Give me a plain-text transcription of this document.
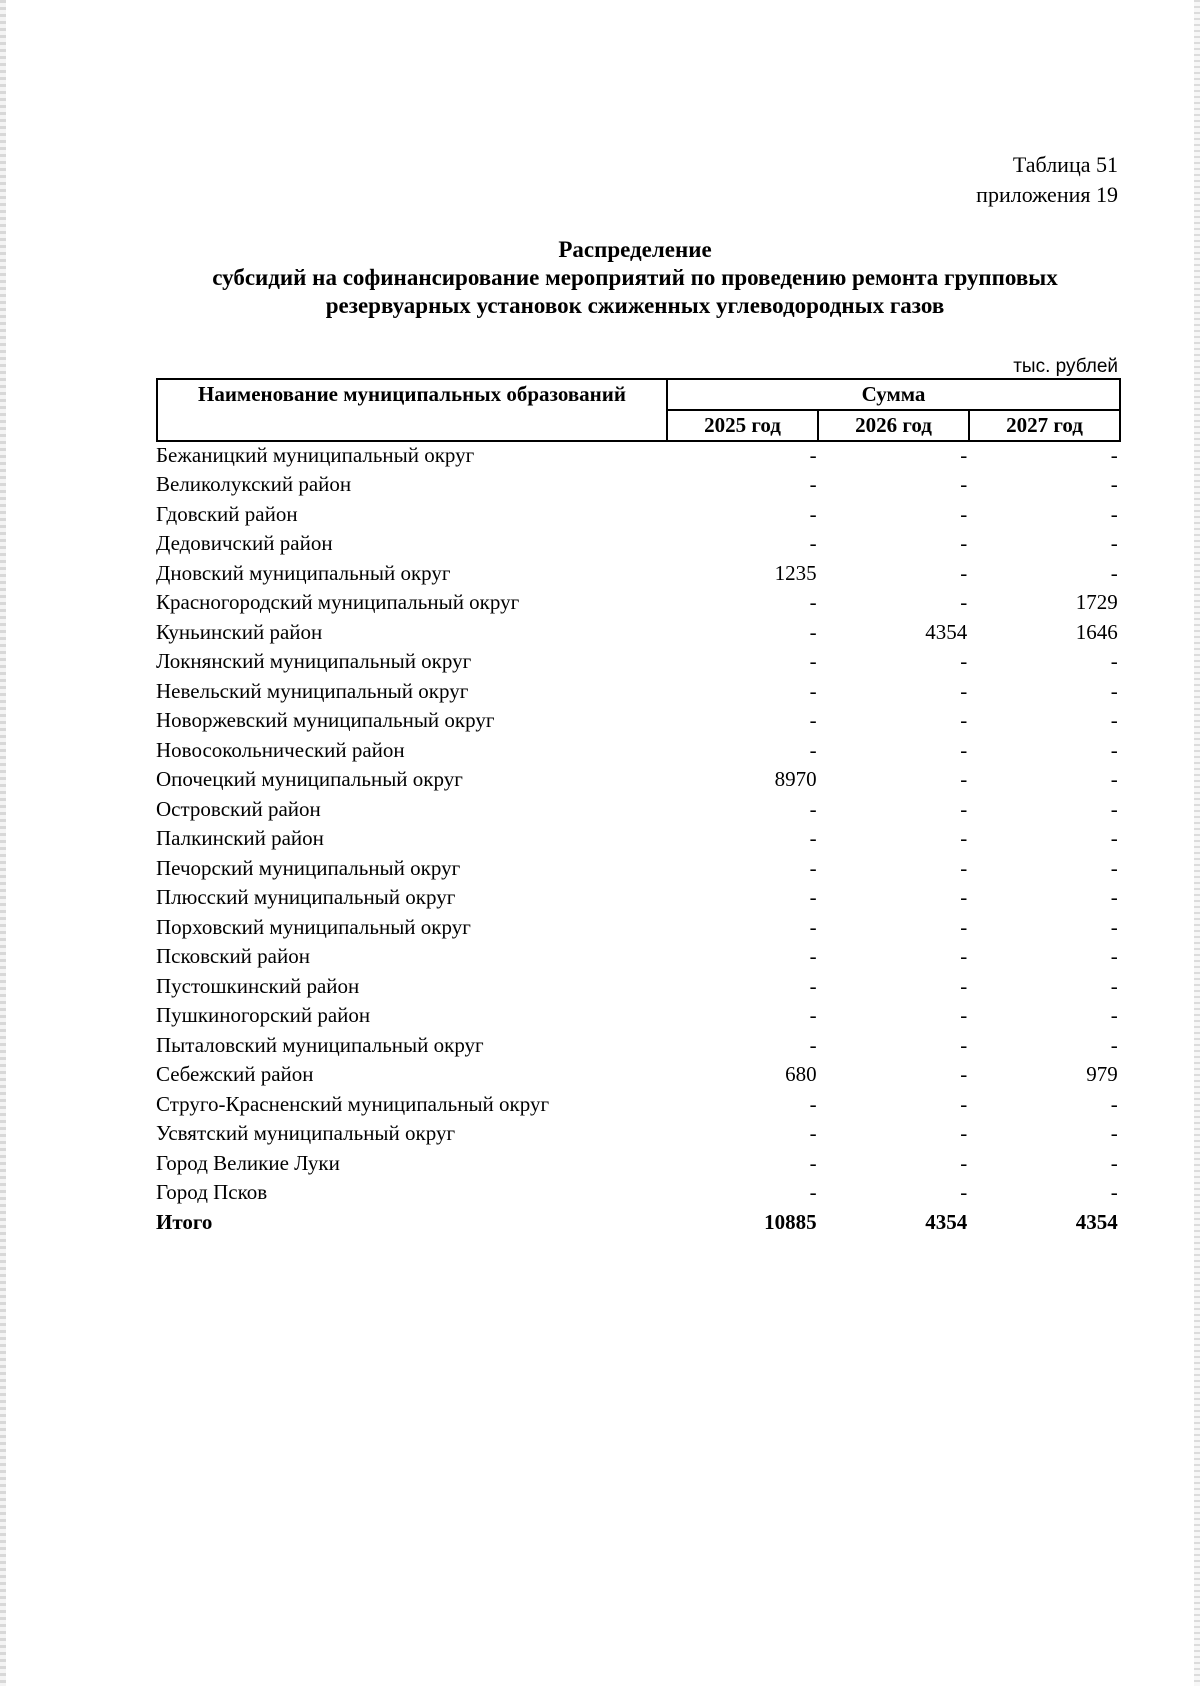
Таблица 51
приложения 19
Распределение
субсидий на софинансирование мероприятий по проведению ремонта групповых
резервуарных установок сжиженных углеводородных газов
тыс. рублей
Наименование муниципальных образований	Сумма		
	2025 год	2026 год	2027 год
Бежаницкий муниципальный округ	-	-	-
Великолукский район	-	-	-
Гдовский район	-	-	-
Дедовичский район	-	-	-
Дновский муниципальный округ	1235	-	-
Красногородский муниципальный округ	-	-	1729
Куньинский район	-	4354	1646
Локнянский муниципальный округ	-	-	-
Невельский муниципальный округ	-	-	-
Новоржевский муниципальный округ	-	-	-
Новосокольнический район	-	-	-
Опочецкий муниципальный округ	8970	-	-
Островский район	-	-	-
Палкинский район	-	-	-
Печорский муниципальный округ	-	-	-
Плюсский муниципальный округ	-	-	-
Порховский муниципальный округ	-	-	-
Псковский район	-	-	-
Пустошкинский район	-	-	-
Пушкиногорский район	-	-	-
Пыталовский муниципальный округ	-	-	-
Себежский район	680	-	979
Струго-Красненский муниципальный округ	-	-	-
Усвятский муниципальный округ	-	-	-
Город Великие Луки	-	-	-
Город Псков	-	-	-
Итого	10885	4354	4354
